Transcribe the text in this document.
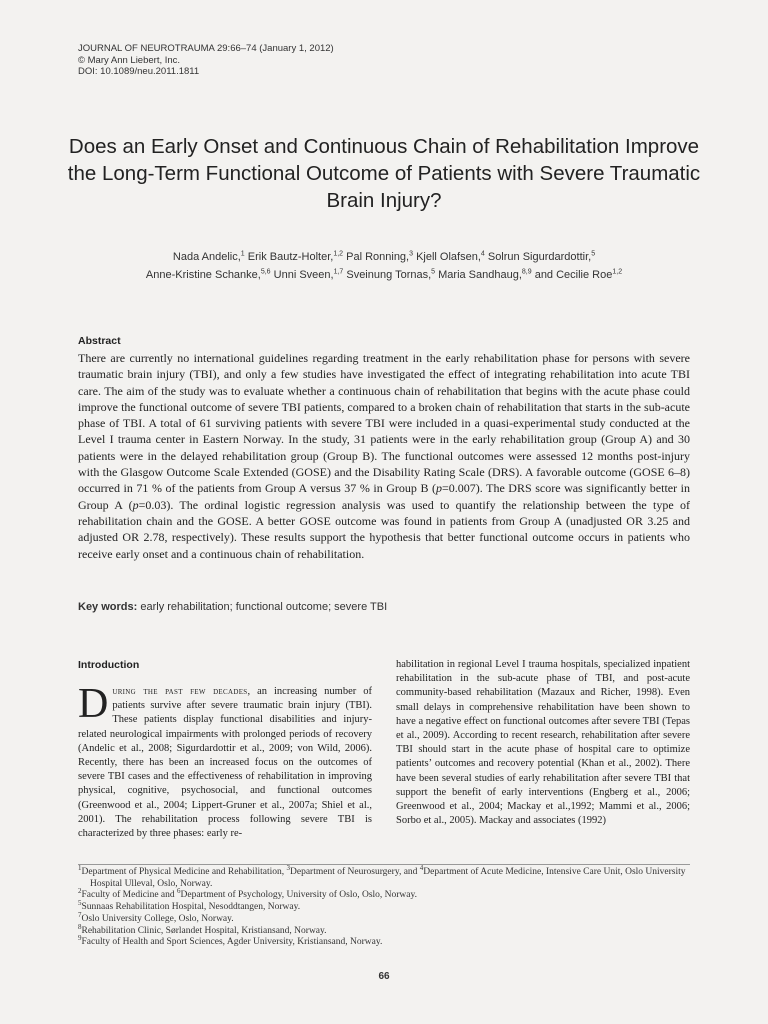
JOURNAL OF NEUROTRAUMA 29:66–74 (January 1, 2012)
© Mary Ann Liebert, Inc.
DOI: 10.1089/neu.2011.1811
Does an Early Onset and Continuous Chain of Rehabilitation Improve the Long-Term Functional Outcome of Patients with Severe Traumatic Brain Injury?
Nada Andelic,$^1$ Erik Bautz-Holter,$^{1,2}$ Pal Ronning,$^3$ Kjell Olafsen,$^4$ Solrun Sigurdardottir,$^5$
Anne-Kristine Schanke,$^{5,6}$ Unni Sveen,$^{1,7}$ Sveinung Tornas,$^5$ Maria Sandhaug,$^{8,9}$ and Cecilie Roe$^{1,2}$
Abstract
There are currently no international guidelines regarding treatment in the early rehabilitation phase for persons with severe traumatic brain injury (TBI), and only a few studies have investigated the effect of integrating rehabilitation into acute TBI care. The aim of the study was to evaluate whether a continuous chain of rehabilitation that begins with the acute phase could improve the functional outcome of severe TBI patients, compared to a broken chain of rehabilitation that starts in the sub-acute phase of TBI. A total of 61 surviving patients with severe TBI were included in a quasi-experimental study conducted at the Level I trauma center in Eastern Norway. In the study, 31 patients were in the early rehabilitation group (Group A) and 30 patients were in the delayed rehabilitation group (Group B). The functional outcomes were assessed 12 months post-injury with the Glasgow Outcome Scale Extended (GOSE) and the Disability Rating Scale (DRS). A favorable outcome (GOSE 6–8) occurred in 71 % of the patients from Group A versus 37 % in Group B (p=0.007). The DRS score was significantly better in Group A (p=0.03). The ordinal logistic regression analysis was used to quantify the relationship between the type of rehabilitation chain and the GOSE. A better GOSE outcome was found in patients from Group A (unadjusted OR 3.25 and adjusted OR 2.78, respectively). These results support the hypothesis that better functional outcome occurs in patients who receive early onset and a continuous chain of rehabilitation.
Key words: early rehabilitation; functional outcome; severe TBI
Introduction
During the past few decades, an increasing number of patients survive after severe traumatic brain injury (TBI). These patients display functional disabilities and injury-related neurological impairments with prolonged periods of recovery (Andelic et al., 2008; Sigurdardottir et al., 2009; von Wild, 2006). Recently, there has been an increased focus on the outcomes of severe TBI cases and the effectiveness of rehabilitation in improving physical, cognitive, psychosocial, and functional outcomes (Greenwood et al., 2004; Lippert-Gruner et al., 2007a; Shiel et al., 2001). The rehabilitation process following severe TBI is characterized by three phases: early re-
habilitation in regional Level I trauma hospitals, specialized inpatient rehabilitation in the sub-acute phase of TBI, and post-acute community-based rehabilitation (Mazaux and Richer, 1998). Even small delays in comprehensive rehabilitation have been shown to have a negative effect on functional outcomes after severe TBI (Tepas et al., 2009). According to recent research, rehabilitation after severe TBI should start in the acute phase of hospital care to optimize patients’ outcomes and recovery potential (Khan et al., 2002). There have been several studies of early rehabilitation after severe TBI that support the benefit of early interventions (Engberg et al., 2006; Greenwood et al., 2004; Mackay et al.,1992; Mammi et al., 2006; Sorbo et al., 2005). Mackay and associates (1992)
$^1$Department of Physical Medicine and Rehabilitation, $^3$Department of Neurosurgery, and $^4$Department of Acute Medicine, Intensive Care Unit, Oslo University Hospital Ulleval, Oslo, Norway.
$^2$Faculty of Medicine and $^6$Department of Psychology, University of Oslo, Oslo, Norway.
$^5$Sunnaas Rehabilitation Hospital, Nesoddtangen, Norway.
$^7$Oslo University College, Oslo, Norway.
$^8$Rehabilitation Clinic, Sørlandet Hospital, Kristiansand, Norway.
$^9$Faculty of Health and Sport Sciences, Agder University, Kristiansand, Norway.
66
